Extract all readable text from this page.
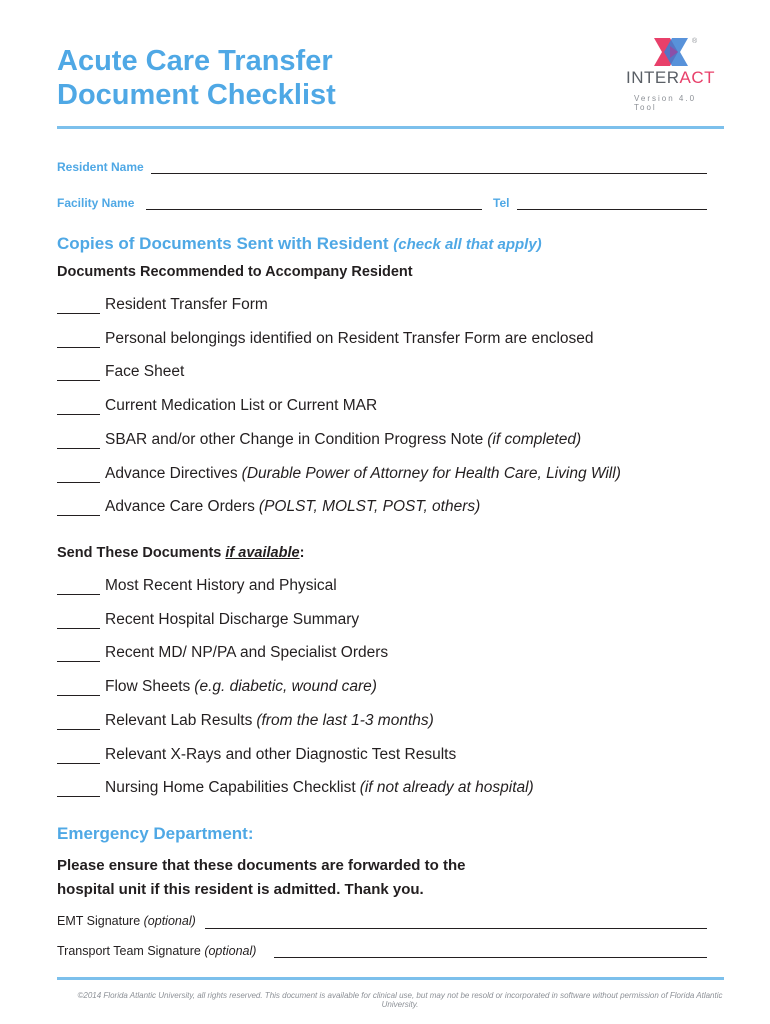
Acute Care Transfer
Document Checklist
®
INTERACT
Version 4.0 Tool
Resident Name
Facility Name	Tel
Copies of Documents Sent with Resident (check all that apply)
Documents Recommended to Accompany Resident
Resident Transfer Form
Personal belongings identified on Resident Transfer Form are enclosed
Face Sheet
Current Medication List or Current MAR
SBAR and/or other Change in Condition Progress Note (if completed)
Advance Directives (Durable Power of Attorney for Health Care, Living Will)
Advance Care Orders (POLST, MOLST, POST, others)
Send These Documents if available:
Most Recent History and Physical
Recent Hospital Discharge Summary
Recent MD/ NP/PA and Specialist Orders
Flow Sheets (e.g. diabetic, wound care)
Relevant Lab Results (from the last 1-3 months)
Relevant X-Rays and other Diagnostic Test Results
Nursing Home Capabilities Checklist (if not already at hospital)
Emergency Department:
Please ensure that these documents are forwarded to the
hospital unit if this resident is admitted. Thank you.
EMT Signature (optional)
Transport Team Signature (optional)
©2014 Florida Atlantic University, all rights reserved. This document is available for clinical use, but may not be resold or incorporated in software without permission of Florida Atlantic University.
